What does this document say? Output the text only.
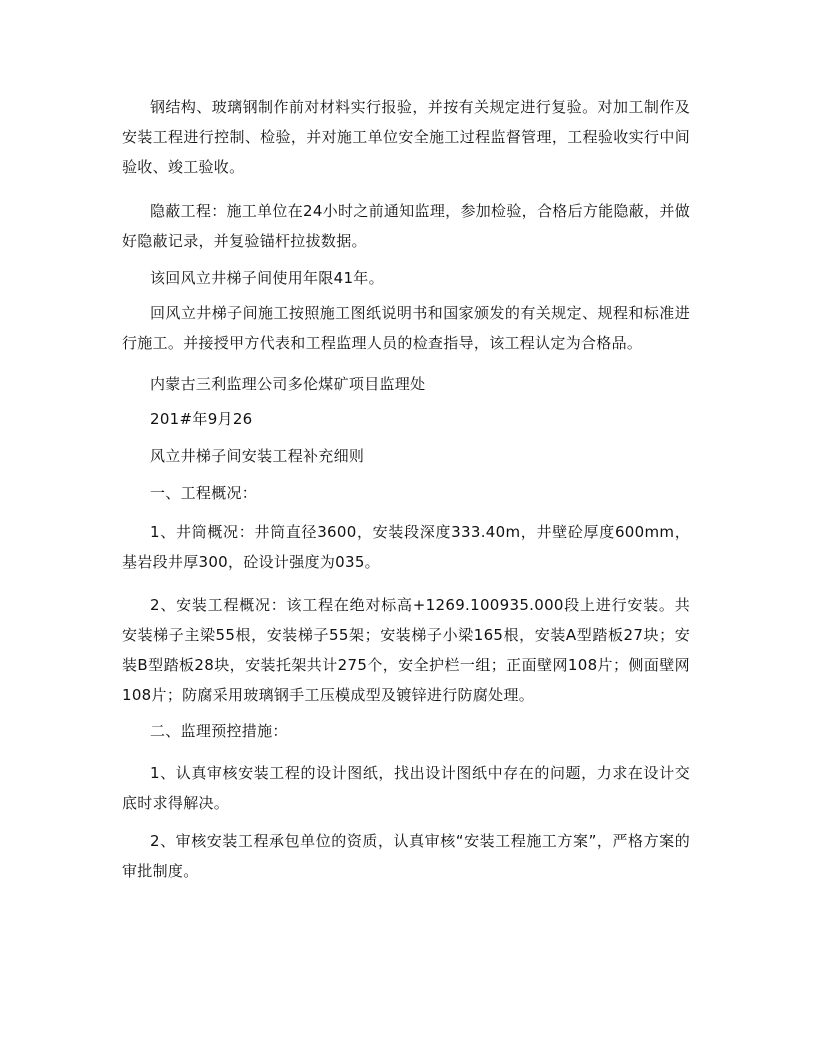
钢结构、玻璃钢制作前对材料实行报验，并按有关规定进行复验。对加工制作及安装工程进行控制、检验，并对施工单位安全施工过程监督管理，工程验收实行中间验收、竣工验收。

隐蔽工程：施工单位在24小时之前通知监理，参加检验，合格后方能隐蔽，并做好隐蔽记录，并复验锚杆拉拔数据。

该回风立井梯子间使用年限41年。

回风立井梯子间施工按照施工图纸说明书和国家颁发的有关规定、规程和标准进行施工。并接授甲方代表和工程监理人员的检查指导，该工程认定为合格品。

内蒙古三利监理公司多伦煤矿项目监理处

201#年9月26

风立井梯子间安装工程补充细则

一、工程概况：

1、井筒概况：井筒直径3600，安装段深度333.40m，井壁砼厚度600mm，基岩段井厚300，砼设计强度为035。

2、安装工程概况：该工程在绝对标高+1269.100935.000段上进行安装。共安装梯子主梁55根，安装梯子55架；安装梯子小梁165根，安装A型踏板27块；安装B型踏板28块，安装托架共计275个，安全护栏一组；正面壁网108片；侧面壁网108片；防腐采用玻璃钢手工压模成型及镀锌进行防腐处理。

二、监理预控措施：

1、认真审核安装工程的设计图纸，找出设计图纸中存在的问题，力求在设计交底时求得解决。

2、审核安装工程承包单位的资质，认真审核“安装工程施工方案”，严格方案的审批制度。
